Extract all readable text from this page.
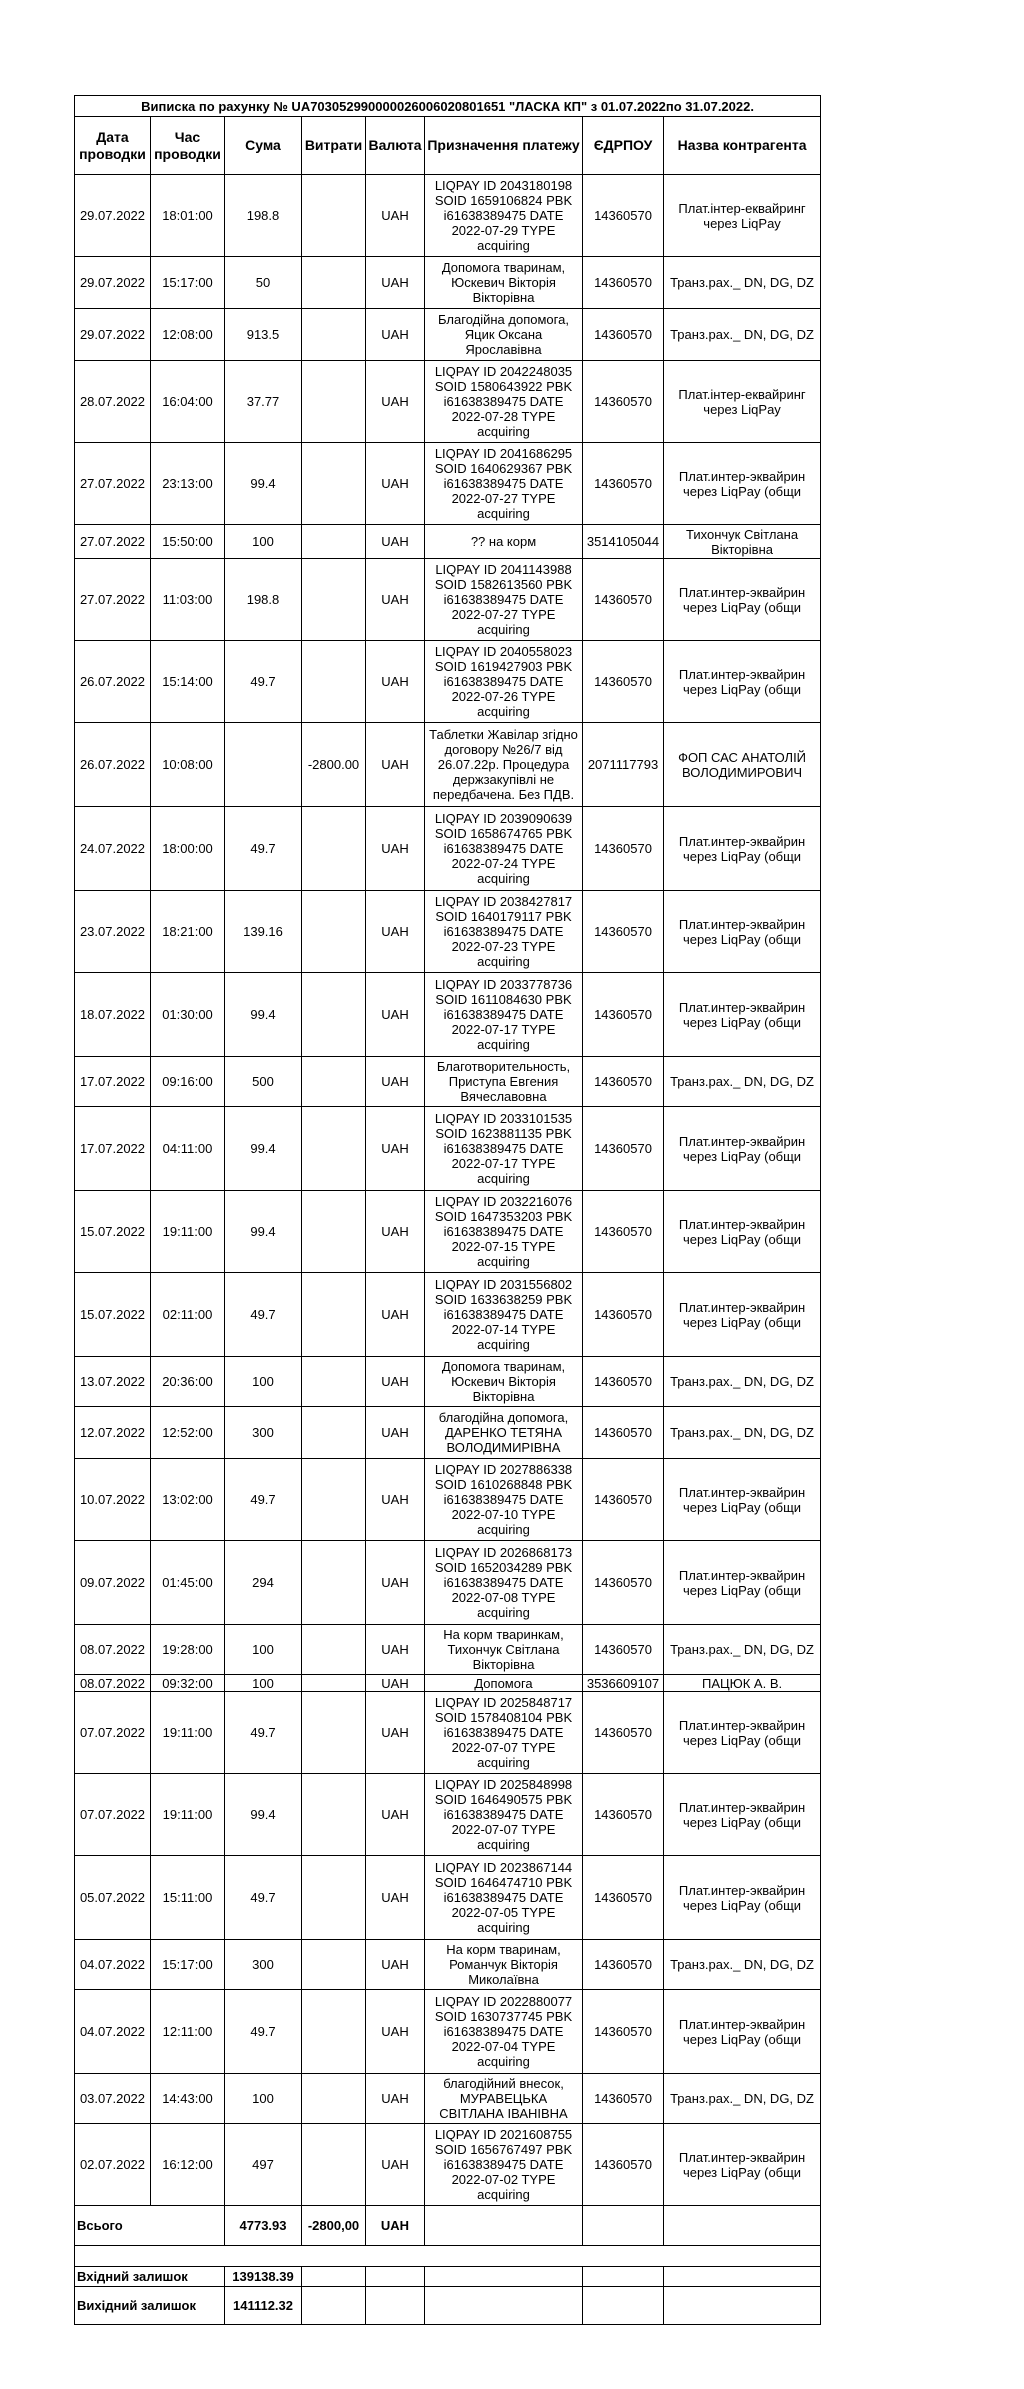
Виписка по рахунку № UA703052990000026006020801651 "ЛАСКА КП" з 01.07.2022по 31.07.2022.							
Дата проводки	Час проводки	Сума	Витрати	Валюта	Призначення платежу	ЄДРПОУ	Назва контрагента
29.07.2022	18:01:00	198.8		UAH	LIQPAY ID 2043180198 SOID 1659106824 PBK i61638389475 DATE 2022-07-29 TYPE acquiring	14360570	Плат.інтер-еквайринг через LiqPay
29.07.2022	15:17:00	50		UAH	Допомога тваринам, Юскевич Вікторія Вікторівна	14360570	Транз.рах._ DN, DG, DZ
29.07.2022	12:08:00	913.5		UAH	Благодійна допомога, Яцик Оксана Ярославівна	14360570	Транз.рах._ DN, DG, DZ
28.07.2022	16:04:00	37.77		UAH	LIQPAY ID 2042248035 SOID 1580643922 PBK i61638389475 DATE 2022-07-28 TYPE acquiring	14360570	Плат.інтер-еквайринг через LiqPay
27.07.2022	23:13:00	99.4		UAH	LIQPAY ID 2041686295 SOID 1640629367 PBK i61638389475 DATE 2022-07-27 TYPE acquiring	14360570	Плат.интер-эквайрин через LiqPay (общи
27.07.2022	15:50:00	100		UAH	?? на корм	3514105044	Тихончук Світлана Вікторівна
27.07.2022	11:03:00	198.8		UAH	LIQPAY ID 2041143988 SOID 1582613560 PBK i61638389475 DATE 2022-07-27 TYPE acquiring	14360570	Плат.интер-эквайрин через LiqPay (общи
26.07.2022	15:14:00	49.7		UAH	LIQPAY ID 2040558023 SOID 1619427903 PBK i61638389475 DATE 2022-07-26 TYPE acquiring	14360570	Плат.интер-эквайрин через LiqPay (общи
26.07.2022	10:08:00		-2800.00	UAH	Таблетки Жавілар згідно договору №26/7 від 26.07.22р. Процедура держзакупівлі не передбачена. Без ПДВ.	2071117793	ФОП САС АНАТОЛІЙ ВОЛОДИМИРОВИЧ
24.07.2022	18:00:00	49.7		UAH	LIQPAY ID 2039090639 SOID 1658674765 PBK i61638389475 DATE 2022-07-24 TYPE acquiring	14360570	Плат.интер-эквайрин через LiqPay (общи
23.07.2022	18:21:00	139.16		UAH	LIQPAY ID 2038427817 SOID 1640179117 PBK i61638389475 DATE 2022-07-23 TYPE acquiring	14360570	Плат.интер-эквайрин через LiqPay (общи
18.07.2022	01:30:00	99.4		UAH	LIQPAY ID 2033778736 SOID 1611084630 PBK i61638389475 DATE 2022-07-17 TYPE acquiring	14360570	Плат.интер-эквайрин через LiqPay (общи
17.07.2022	09:16:00	500		UAH	Благотворительность, Приступа Евгения Вячеславовна	14360570	Транз.рах._ DN, DG, DZ
17.07.2022	04:11:00	99.4		UAH	LIQPAY ID 2033101535 SOID 1623881135 PBK i61638389475 DATE 2022-07-17 TYPE acquiring	14360570	Плат.интер-эквайрин через LiqPay (общи
15.07.2022	19:11:00	99.4		UAH	LIQPAY ID 2032216076 SOID 1647353203 PBK i61638389475 DATE 2022-07-15 TYPE acquiring	14360570	Плат.интер-эквайрин через LiqPay (общи
15.07.2022	02:11:00	49.7		UAH	LIQPAY ID 2031556802 SOID 1633638259 PBK i61638389475 DATE 2022-07-14 TYPE acquiring	14360570	Плат.интер-эквайрин через LiqPay (общи
13.07.2022	20:36:00	100		UAH	Допомога тваринам, Юскевич Вікторія Вікторівна	14360570	Транз.рах._ DN, DG, DZ
12.07.2022	12:52:00	300		UAH	благодійна допомога, ДАРЕНКО ТЕТЯНА ВОЛОДИМИРІВНА	14360570	Транз.рах._ DN, DG, DZ
10.07.2022	13:02:00	49.7		UAH	LIQPAY ID 2027886338 SOID 1610268848 PBK i61638389475 DATE 2022-07-10 TYPE acquiring	14360570	Плат.интер-эквайрин через LiqPay (общи
09.07.2022	01:45:00	294		UAH	LIQPAY ID 2026868173 SOID 1652034289 PBK i61638389475 DATE 2022-07-08 TYPE acquiring	14360570	Плат.интер-эквайрин через LiqPay (общи
08.07.2022	19:28:00	100		UAH	На корм тваринкам, Тихончук Світлана Вікторівна	14360570	Транз.рах._ DN, DG, DZ
08.07.2022	09:32:00	100		UAH	Допомога	3536609107	ПАЦЮК А. В.
07.07.2022	19:11:00	49.7		UAH	LIQPAY ID 2025848717 SOID 1578408104 PBK i61638389475 DATE 2022-07-07 TYPE acquiring	14360570	Плат.интер-эквайрин через LiqPay (общи
07.07.2022	19:11:00	99.4		UAH	LIQPAY ID 2025848998 SOID 1646490575 PBK i61638389475 DATE 2022-07-07 TYPE acquiring	14360570	Плат.интер-эквайрин через LiqPay (общи
05.07.2022	15:11:00	49.7		UAH	LIQPAY ID 2023867144 SOID 1646474710 PBK i61638389475 DATE 2022-07-05 TYPE acquiring	14360570	Плат.интер-эквайрин через LiqPay (общи
04.07.2022	15:17:00	300		UAH	На корм тваринам, Романчук Вікторія Миколаївна	14360570	Транз.рах._ DN, DG, DZ
04.07.2022	12:11:00	49.7		UAH	LIQPAY ID 2022880077 SOID 1630737745 PBK i61638389475 DATE 2022-07-04 TYPE acquiring	14360570	Плат.интер-эквайрин через LiqPay (общи
03.07.2022	14:43:00	100		UAH	благодійний внесок, МУРАВЕЦЬКА СВІТЛАНА ІВАНІВНА	14360570	Транз.рах._ DN, DG, DZ
02.07.2022	16:12:00	497		UAH	LIQPAY ID 2021608755 SOID 1656767497 PBK i61638389475 DATE 2022-07-02 TYPE acquiring	14360570	Плат.интер-эквайрин через LiqPay (общи
Всього		4773.93	-2800,00	UAH			

Вхідний залишок		139138.39					
Вихідний залишок		141112.32					
